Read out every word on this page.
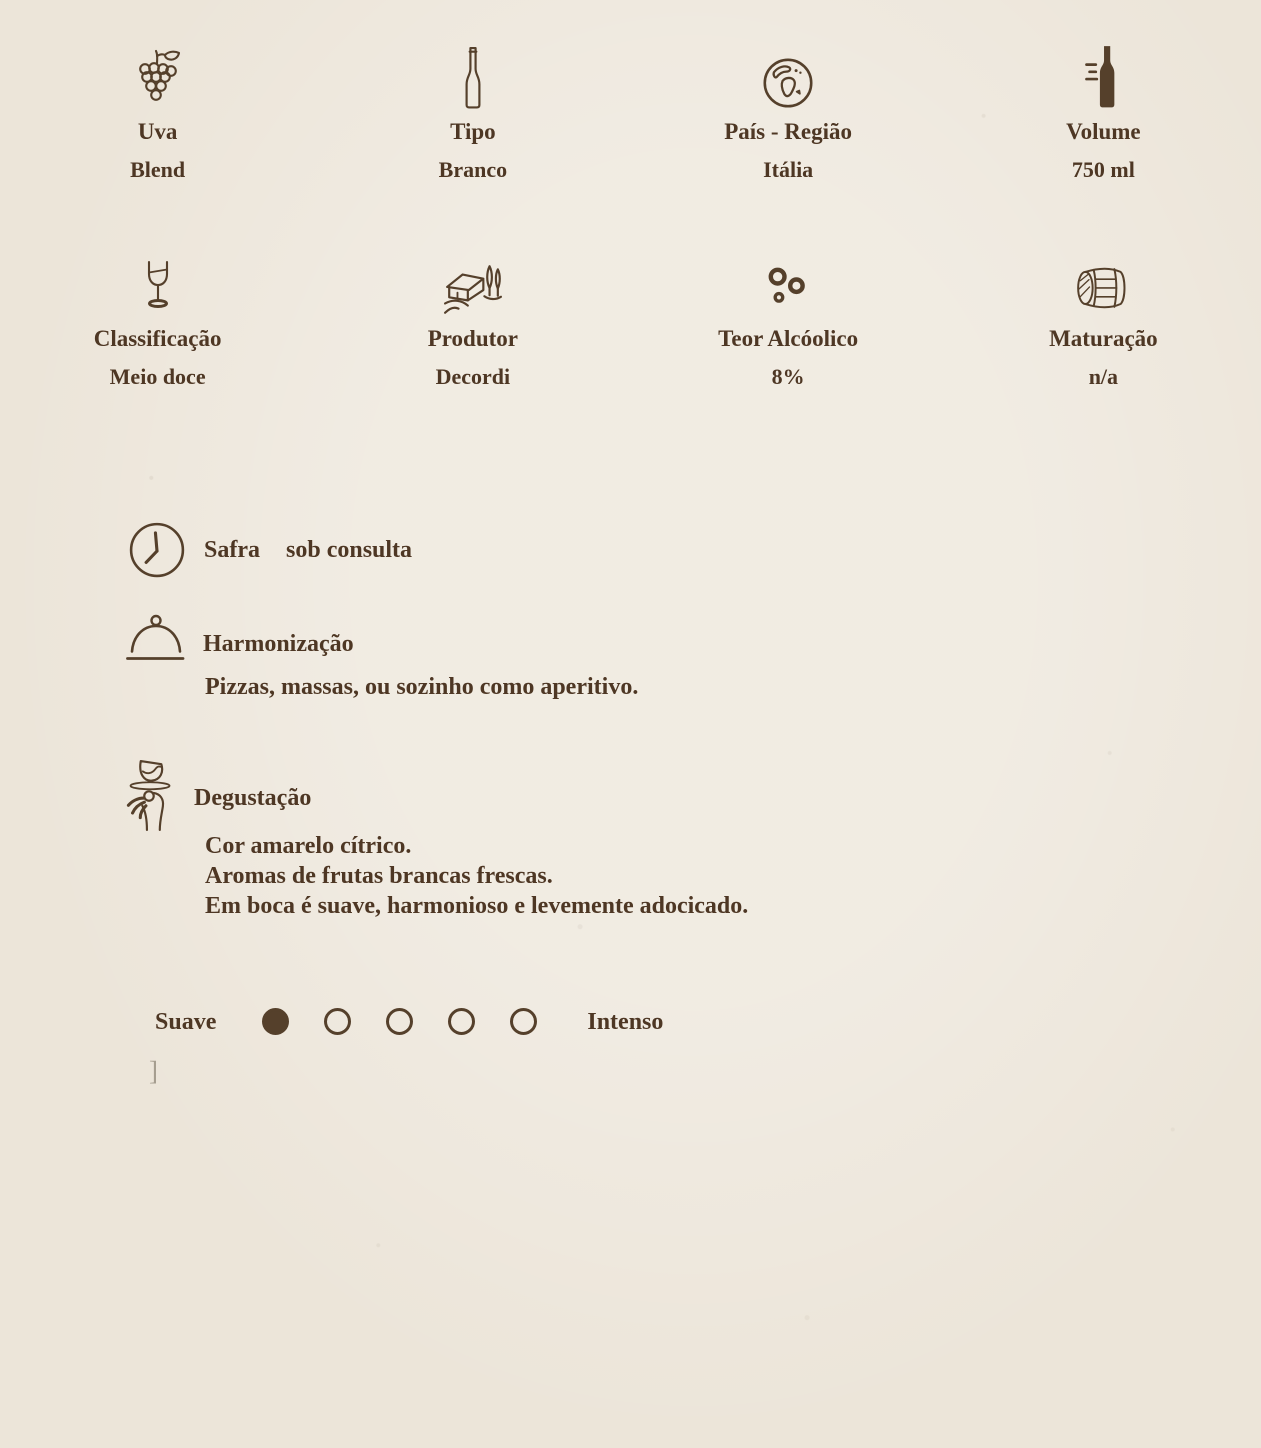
Uva
Blend
Tipo
Branco
País - Região
Itália
Volume
750 ml
Classificação
Meio doce
Produtor
Decordi
Teor Alcóolico
8%
Maturação
n/a
Safra sob consulta
Harmonização
Pizzas, massas, ou sozinho como aperitivo.
Degustação
Cor amarelo cítrico.
Aromas de frutas brancas frescas.
Em boca é suave, harmonioso e levemente adocicado.
Suave	Intenso
]
